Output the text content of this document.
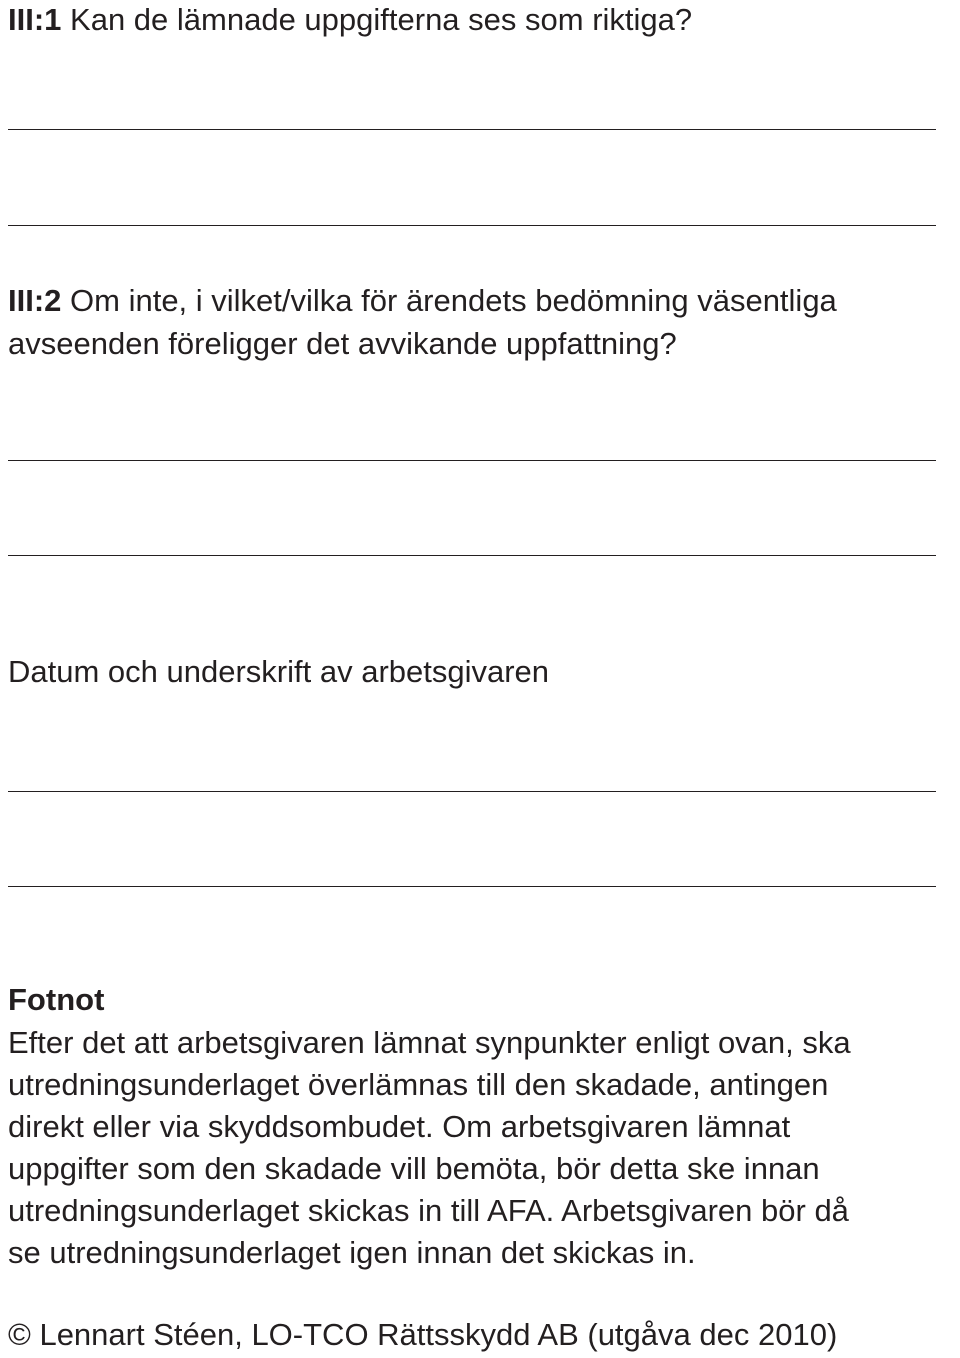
III:1 Kan de lämnade uppgifterna ses som riktiga?
III:2 Om inte, i vilket/vilka för ärendets bedömning väsentliga
avseenden föreligger det avvikande uppfattning?
Datum och underskrift av arbetsgivaren
Fotnot
Efter det att arbetsgivaren lämnat synpunkter enligt ovan, ska
utredningsunderlaget överlämnas till den skadade, antingen
direkt eller via skyddsombudet. Om arbetsgivaren lämnat
uppgifter som den skadade vill bemöta, bör detta ske innan
utredningsunderlaget skickas in till AFA. Arbetsgivaren bör då
se utredningsunderlaget igen innan det skickas in.
© Lennart Stéen, LO-TCO Rättsskydd AB (utgåva dec 2010)
